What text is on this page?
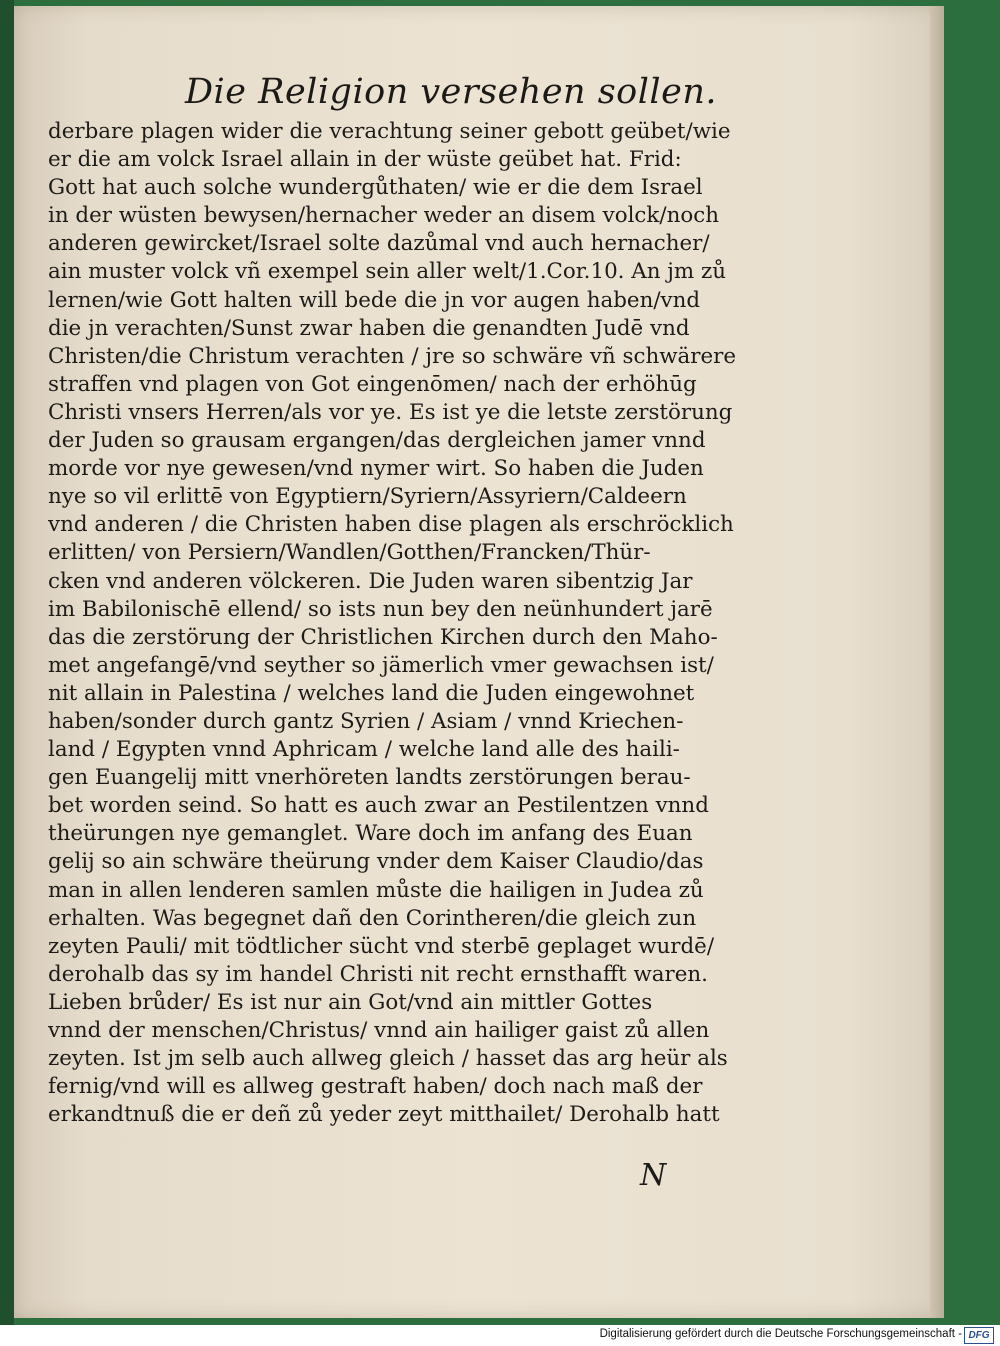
Die Religion versehen sollen.
derbare plagen wider die verachtung seiner gebott geübet/wie
er die am volck Israel allain in der wüste geübet hat. Frid:
Gott hat auch solche wundergůthaten/ wie er die dem Israel
in der wüsten bewysen/hernacher weder an disem volck/noch
anderen gewircket/Israel solte dazůmal vnd auch hernacher/
ain muster volck vñ exempel sein aller welt/1.Cor.10. An jm zů
lernen/wie Gott halten will bede die jn vor augen haben/vnd
die jn verachten/Sunst zwar haben die genandten Judē vnd
Christen/die Christum verachten / jre so schwäre vñ schwärere
straffen vnd plagen von Got eingenōmen/ nach der erhöhūg
Christi vnsers Herren/als vor ye. Es ist ye die letste zerstörung
der Juden so grausam ergangen/das dergleichen jamer vnnd
morde vor nye gewesen/vnd nymer wirt. So haben die Juden
nye so vil erlittē von Egyptiern/Syriern/Assyriern/Caldeern
vnd anderen / die Christen haben dise plagen als erschröcklich
erlitten/ von Persiern/Wandlen/Gotthen/Francken/Thür-
cken vnd anderen völckeren. Die Juden waren sibentzig Jar
im Babilonischē ellend/ so ists nun bey den neünhundert jarē
das die zerstörung der Christlichen Kirchen durch den Maho-
met angefangē/vnd seyther so jämerlich vmer gewachsen ist/
nit allain in Palestina / welches land die Juden eingewohnet
haben/sonder durch gantz Syrien / Asiam / vnnd Kriechen-
land / Egypten vnnd Aphricam / welche land alle des haili-
gen Euangelij mitt vnerhöreten landts zerstörungen berau-
bet worden seind. So hatt es auch zwar an Pestilentzen vnnd
theürungen nye gemanglet. Ware doch im anfang des Euan
gelij so ain schwäre theürung vnder dem Kaiser Claudio/das
man in allen lenderen samlen můste die hailigen in Judea zů
erhalten. Was begegnet dañ den Corintheren/die gleich zun
zeyten Pauli/ mit tödtlicher sücht vnd sterbē geplaget wurdē/
derohalb das sy im handel Christi nit recht ernsthafft waren.
Lieben brůder/ Es ist nur ain Got/vnd ain mittler Gottes
vnnd der menschen/Christus/ vnnd ain hailiger gaist zů allen
zeyten. Ist jm selb auch allweg gleich / hasset das arg heür als
fernig/vnd will es allweg gestraft haben/ doch nach maß der
erkandtnuß die er deñ zů yeder zeyt mitthailet/ Derohalb hatt
N
Digitalisierung gefördert durch die Deutsche Forschungsgemeinschaft - DFG
